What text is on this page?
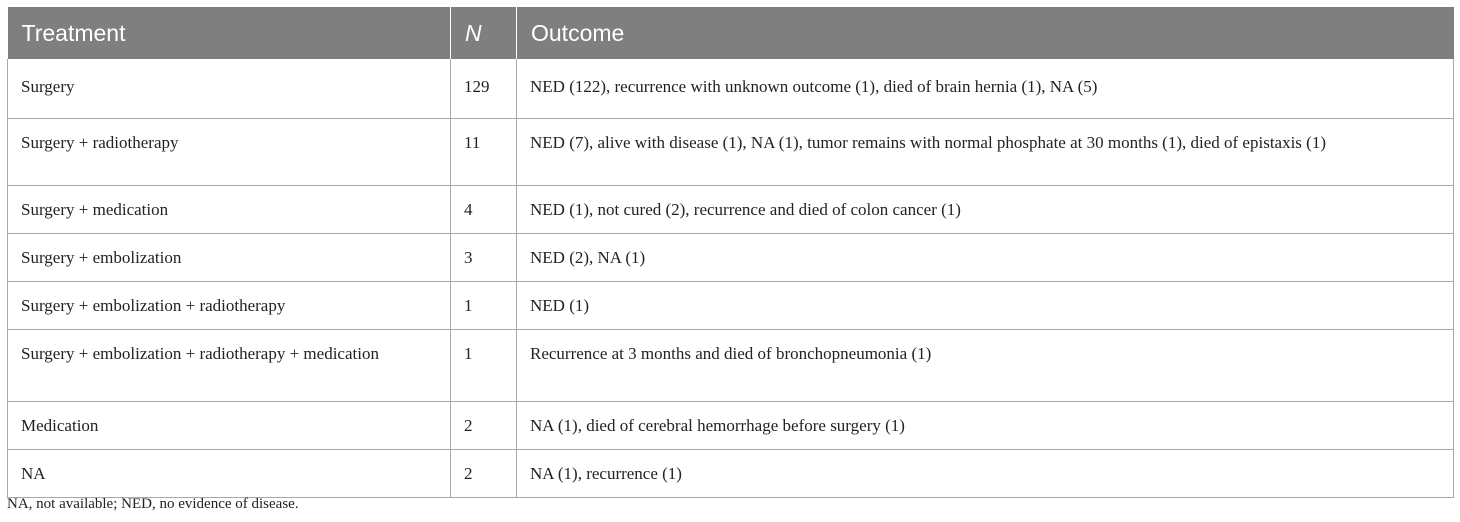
Treatment	N	Outcome
Surgery	129	NED (122), recurrence with unknown outcome (1), died of brain hernia (1), NA (5)
Surgery + radiotherapy	11	NED (7), alive with disease (1), NA (1), tumor remains with normal phosphate at 30 months (1), died of epistaxis (1)
Surgery + medication	4	NED (1), not cured (2), recurrence and died of colon cancer (1)
Surgery + embolization	3	NED (2), NA (1)
Surgery + embolization + radiotherapy	1	NED (1)
Surgery + embolization + radiotherapy + medication	1	Recurrence at 3 months and died of bronchopneumonia (1)
Medication	2	NA (1), died of cerebral hemorrhage before surgery (1)
NA	2	NA (1), recurrence (1)
NA, not available; NED, no evidence of disease.
